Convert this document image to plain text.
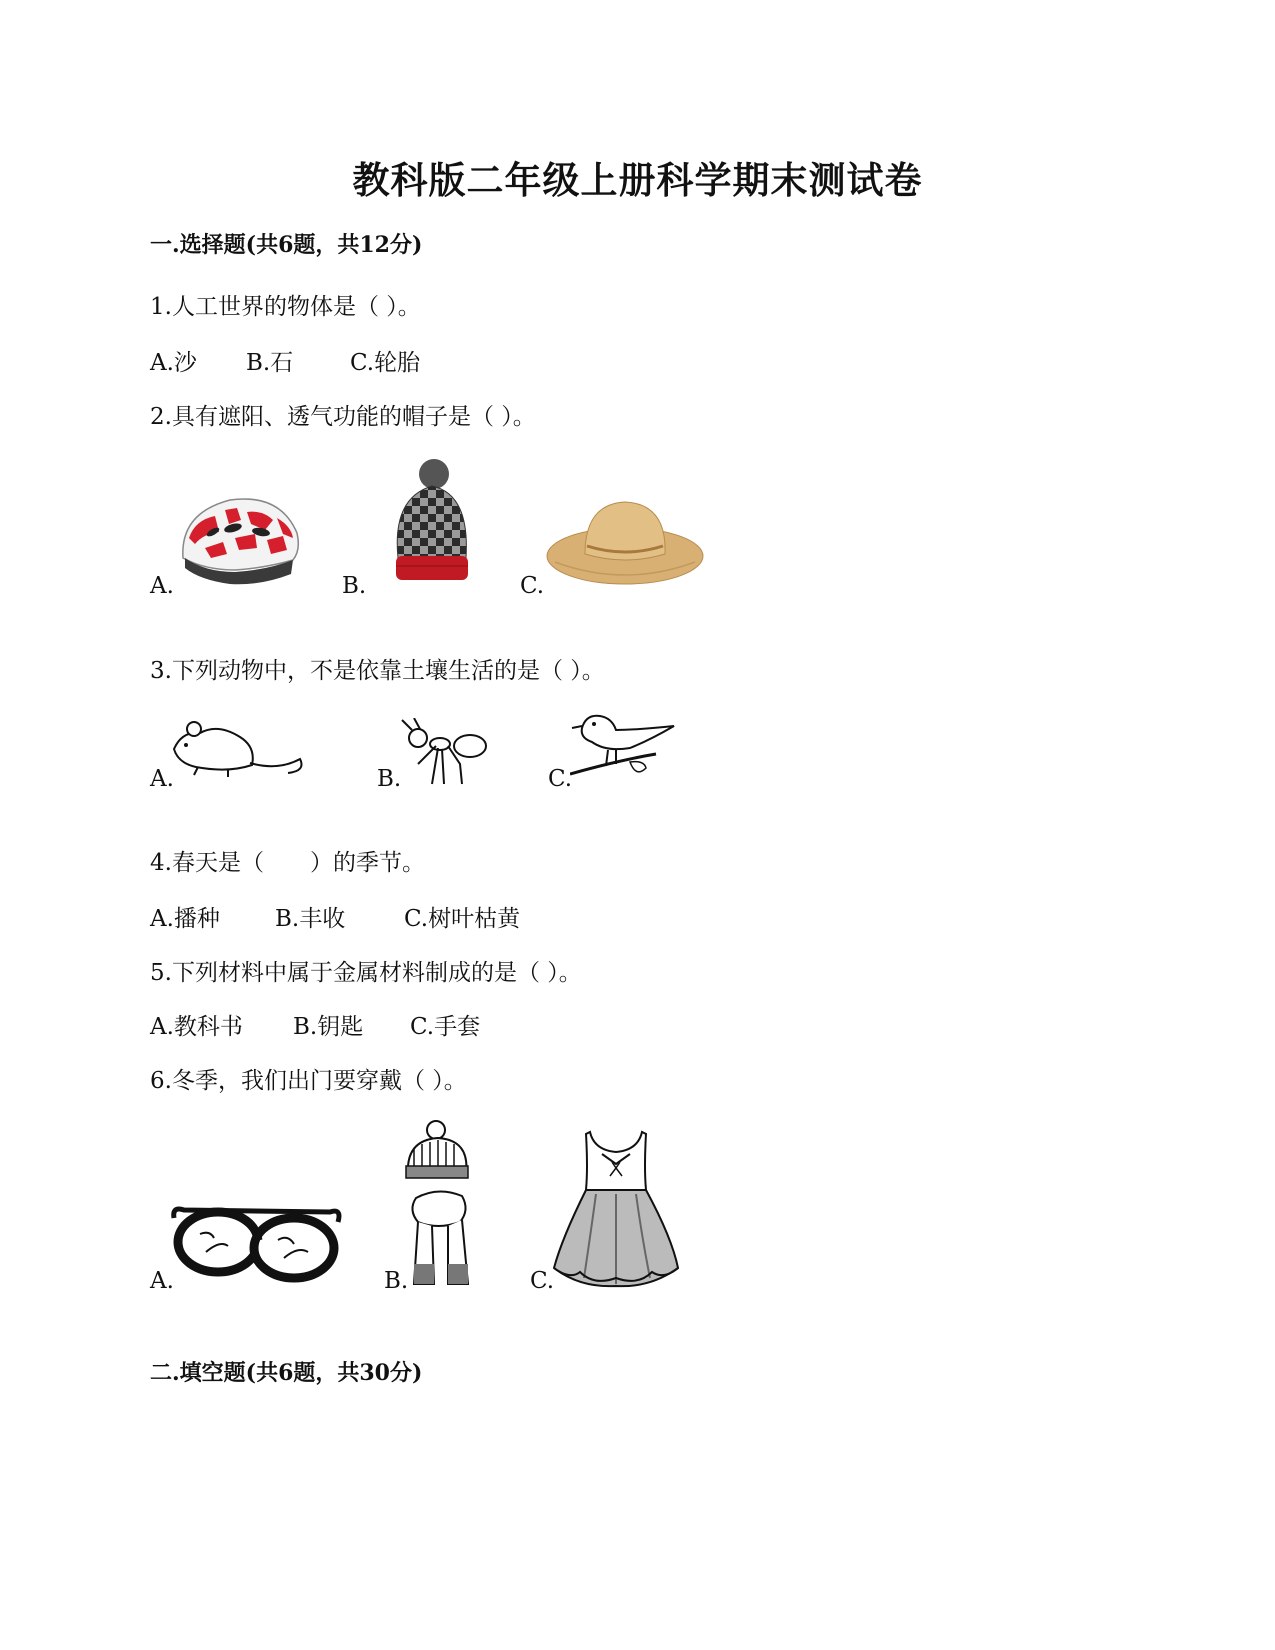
教科版二年级上册科学期末测试卷
一.选择题(共6题，共12分)
1.人工世界的物体是（ ）。
A.沙 B.石 C.轮胎
2.具有遮阳、透气功能的帽子是（ ）。
A.	B.	C.
3.下列动物中，不是依靠土壤生活的是（ ）。
A.	B.	C.
4.春天是（　　）的季节。
A.播种 B.丰收	C.树叶枯黄
5.下列材料中属于金属材料制成的是（ ）。
A.教科书 B.钥匙 C.手套
6.冬季，我们出门要穿戴（ ）。
A.	B.	C.
二.填空题(共6题，共30分)
